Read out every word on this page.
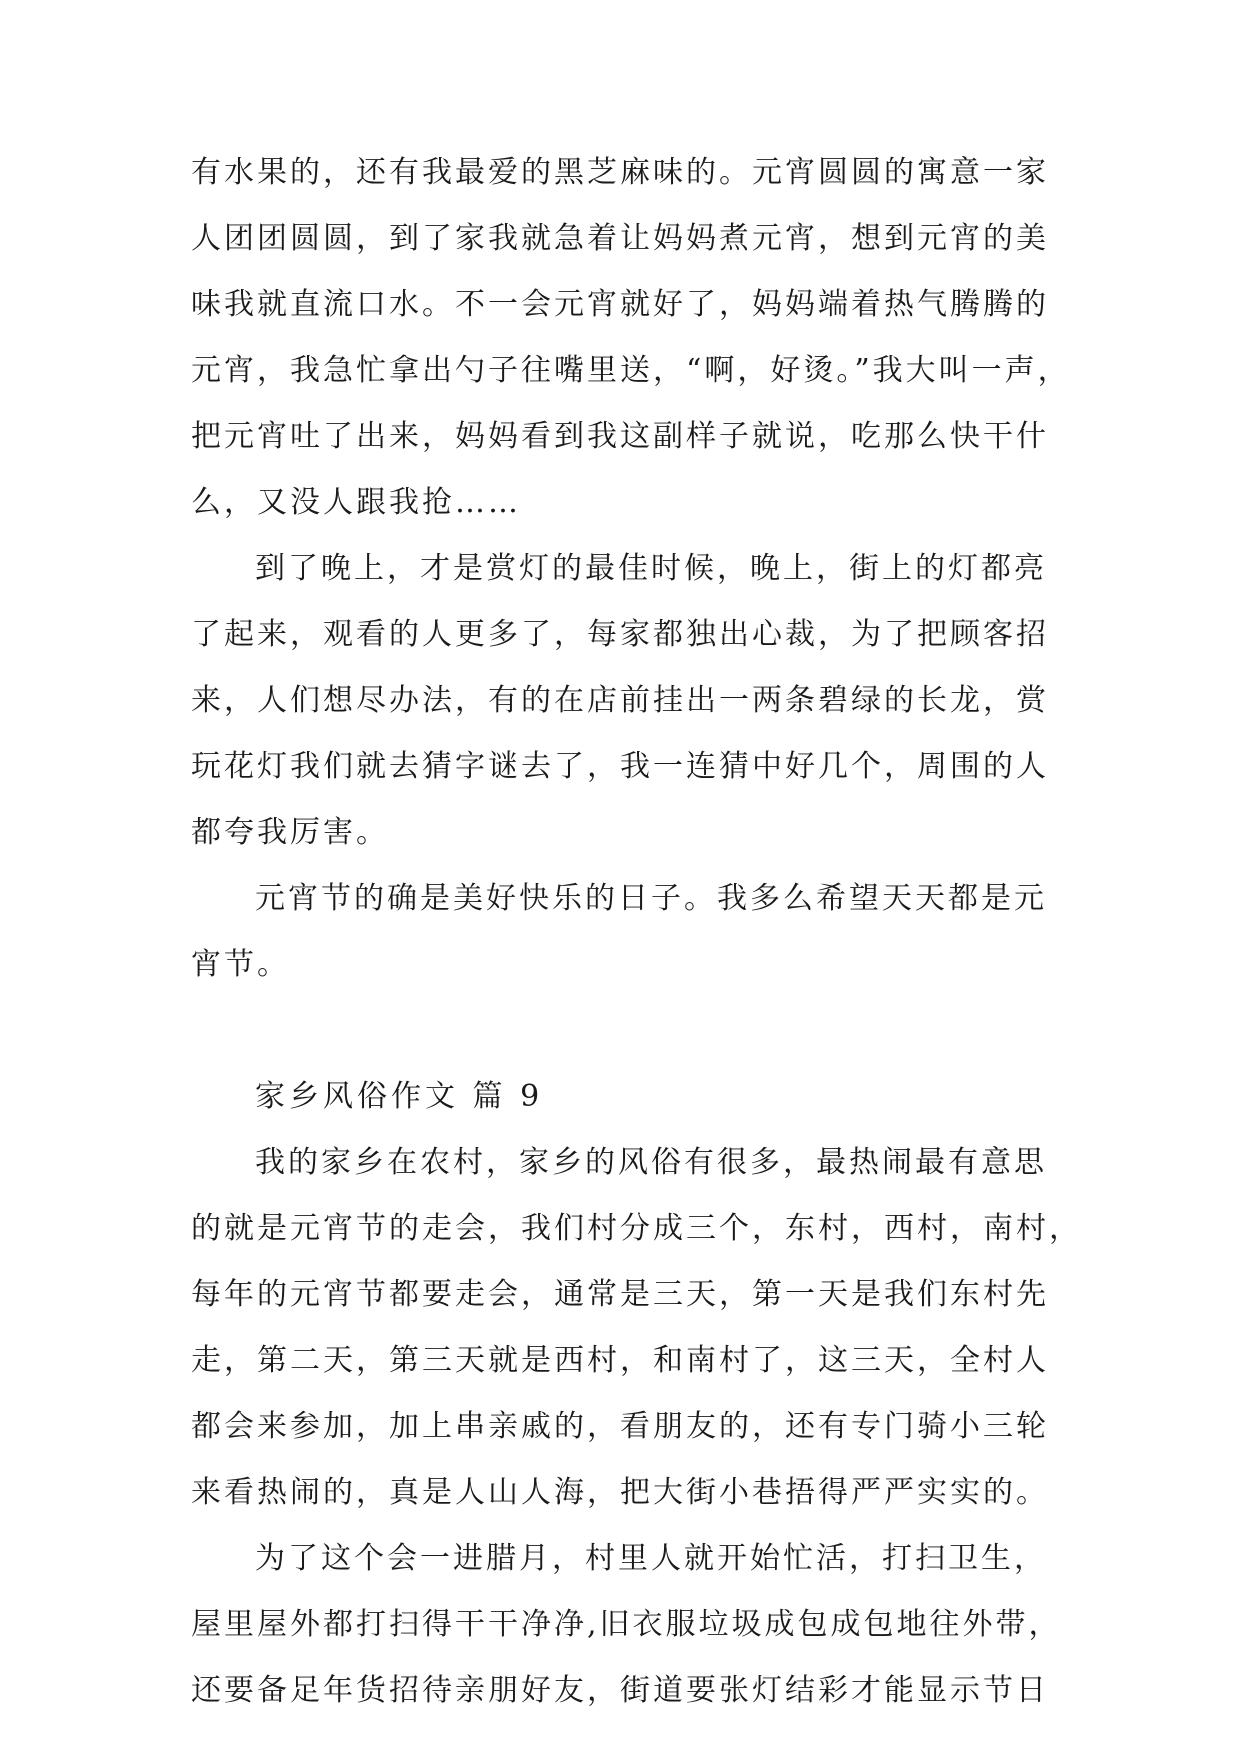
有水果的，还有我最爱的黑芝麻味的。元宵圆圆的寓意一家
人团团圆圆，到了家我就急着让妈妈煮元宵，想到元宵的美
味我就直流口水。不一会元宵就好了，妈妈端着热气腾腾的
元宵，我急忙拿出勺子往嘴里送，“啊，好烫。”我大叫一声，
把元宵吐了出来，妈妈看到我这副样子就说，吃那么快干什
么，又没人跟我抢……
到了晚上，才是赏灯的最佳时候，晚上，街上的灯都亮
了起来，观看的人更多了，每家都独出心裁，为了把顾客招
来，人们想尽办法，有的在店前挂出一两条碧绿的长龙，赏
玩花灯我们就去猜字谜去了，我一连猜中好几个，周围的人
都夸我厉害。
元宵节的确是美好快乐的日子。我多么希望天天都是元
宵节。
家乡风俗作文 篇 9
我的家乡在农村，家乡的风俗有很多，最热闹最有意思
的就是元宵节的走会，我们村分成三个，东村，西村，南村，
每年的元宵节都要走会，通常是三天，第一天是我们东村先
走，第二天，第三天就是西村，和南村了，这三天，全村人
都会来参加，加上串亲戚的，看朋友的，还有专门骑小三轮
来看热闹的，真是人山人海，把大街小巷捂得严严实实的。
为了这个会一进腊月，村里人就开始忙活，打扫卫生，
屋里屋外都打扫得干干净净,旧衣服垃圾成包成包地往外带，
还要备足年货招待亲朋好友，街道要张灯结彩才能显示节日
